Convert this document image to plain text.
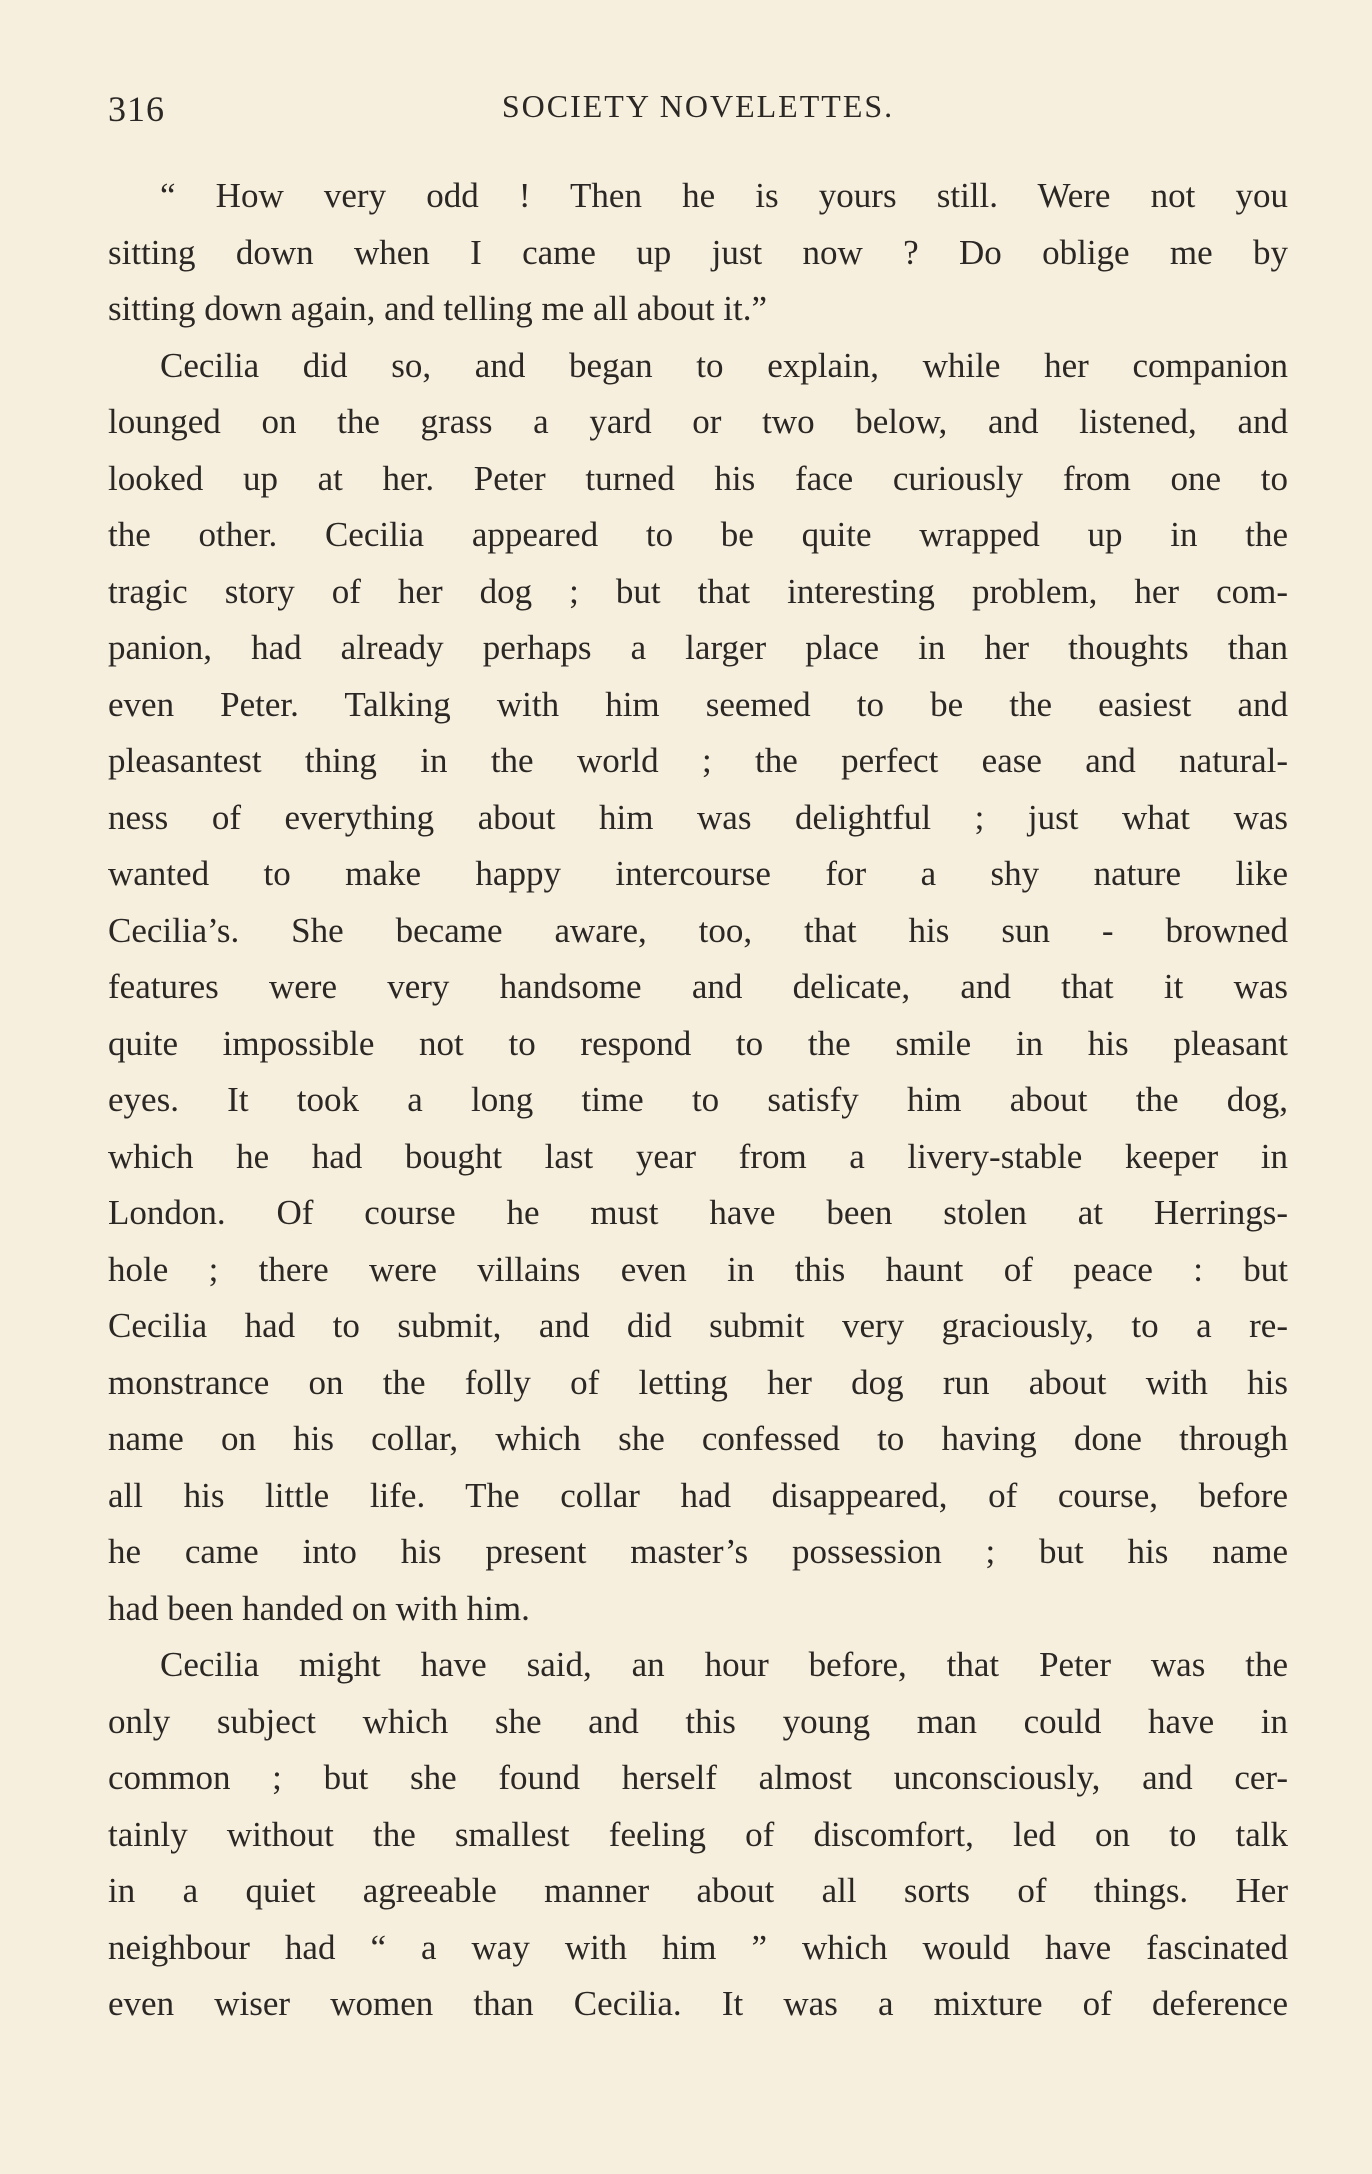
316	SOCIETY NOVELETTES.
“ How very odd ! Then he is yours still. Were not you
sitting down when I came up just now ? Do oblige me by
sitting down again, and telling me all about it.”
Cecilia did so, and began to explain, while her companion
lounged on the grass a yard or two below, and listened, and
looked up at her. Peter turned his face curiously from one to
the other. Cecilia appeared to be quite wrapped up in the
tragic story of her dog ; but that interesting problem, her com-
panion, had already perhaps a larger place in her thoughts than
even Peter. Talking with him seemed to be the easiest and
pleasantest thing in the world ; the perfect ease and natural-
ness of everything about him was delightful ; just what was
wanted to make happy intercourse for a shy nature like
Cecilia’s. She became aware, too, that his sun - browned
features were very handsome and delicate, and that it was
quite impossible not to respond to the smile in his pleasant
eyes. It took a long time to satisfy him about the dog,
which he had bought last year from a livery-stable keeper in
London. Of course he must have been stolen at Herrings-
hole ; there were villains even in this haunt of peace : but
Cecilia had to submit, and did submit very graciously, to a re-
monstrance on the folly of letting her dog run about with his
name on his collar, which she confessed to having done through
all his little life. The collar had disappeared, of course, before
he came into his present master’s possession ; but his name
had been handed on with him.
Cecilia might have said, an hour before, that Peter was the
only subject which she and this young man could have in
common ; but she found herself almost unconsciously, and cer-
tainly without the smallest feeling of discomfort, led on to talk
in a quiet agreeable manner about all sorts of things. Her
neighbour had “ a way with him ” which would have fascinated
even wiser women than Cecilia. It was a mixture of deference
